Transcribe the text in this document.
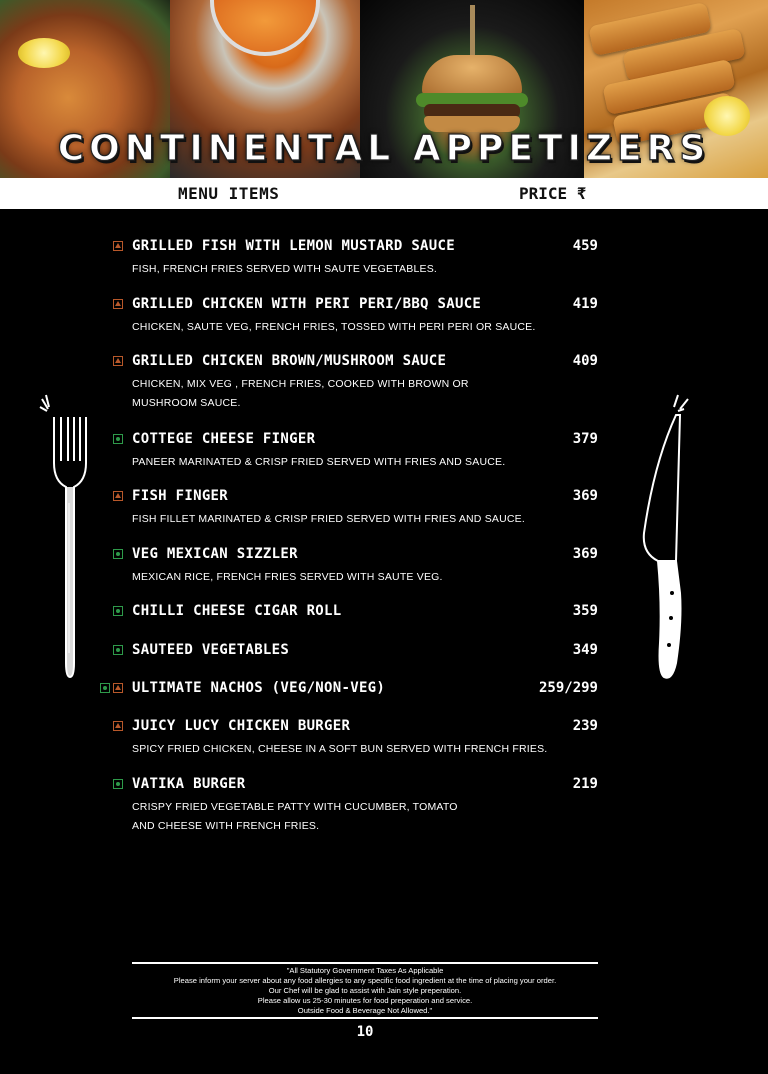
CONTINENTAL APPETIZERS
MENU ITEMS	PRICE ₹
GRILLED FISH WITH LEMON MUSTARD SAUCE	459
FISH, FRENCH FRIES SERVED WITH SAUTE VEGETABLES.
GRILLED CHICKEN WITH PERI PERI/BBQ SAUCE	419
CHICKEN, SAUTE VEG, FRENCH FRIES, TOSSED WITH PERI PERI OR SAUCE.
GRILLED CHICKEN BROWN/MUSHROOM SAUCE	409
CHICKEN, MIX VEG , FRENCH FRIES, COOKED WITH BROWN OR MUSHROOM SAUCE.
COTTEGE CHEESE FINGER	379
PANEER MARINATED & CRISP FRIED SERVED WITH FRIES AND SAUCE.
FISH FINGER	369
FISH FILLET MARINATED & CRISP FRIED SERVED WITH FRIES AND SAUCE.
VEG MEXICAN SIZZLER	369
MEXICAN RICE, FRENCH FRIES SERVED WITH SAUTE VEG.
CHILLI CHEESE CIGAR ROLL	359
SAUTEED VEGETABLES	349
ULTIMATE NACHOS (VEG/NON-VEG)	259/299
JUICY LUCY CHICKEN BURGER	239
SPICY FRIED CHICKEN, CHEESE IN A SOFT BUN SERVED WITH FRENCH FRIES.
VATIKA BURGER	219
CRISPY FRIED VEGETABLE PATTY WITH CUCUMBER, TOMATO AND CHEESE WITH FRENCH FRIES.
"All Statutory Government Taxes As Applicable
Please inform your server about any food allergies to any specific food ingredient at the time of placing your order.
Our Chef will be glad to assist with Jain style preperation.
Please allow us 25-30 minutes for food preperation and service.
Outside Food & Beverage Not Allowed."
10
